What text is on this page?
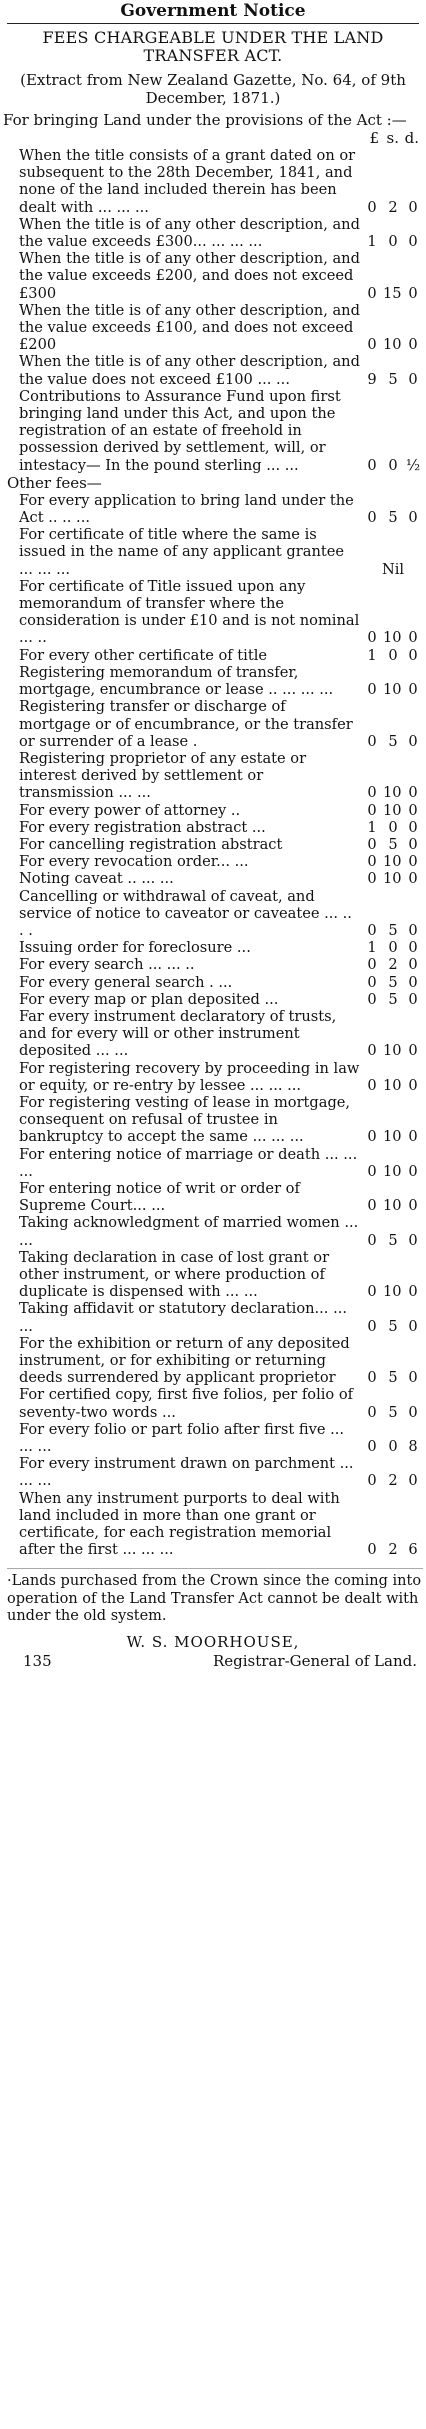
Government Notice
FEES CHARGEABLE UNDER THE LAND TRANSFER ACT.
(Extract from New Zealand Gazette, No. 64, of 9th December, 1871.)
For bringing Land under the provisions of the Act :—
£ s. d.
When the title consists of a grant dated on or subsequent to the 28th December, 1841, and none of the land included therein has been dealt with ... ... ...	0 2 0
When the title is of any other description, and the value exceeds £300... ... ... ...	1 0 0
When the title is of any other description, and the value exceeds £200, and does not exceed £300	0 15 0
When the title is of any other description, and the value exceeds £100, and does not exceed £200	0 10 0
When the title is of any other description, and the value does not exceed £100 ... ...	9 5 0
Contributions to Assurance Fund upon first bringing land under this Act, and upon the registration of an estate of freehold in possession derived by settlement, will, or intestacy— In the pound sterling ... ...	0 0 ½
Other fees—
For every application to bring land under the Act .. .. ...	0 5 0
For certificate of title where the same is issued in the name of any applicant grantee ... ... ...	Nil
For certificate of Title issued upon any memorandum of transfer where the consideration is under £10 and is not nominal ... ..	0 10 0
For every other certificate of title	1 0 0
Registering memorandum of transfer, mortgage, encumbrance or lease .. ... ... ...	0 10 0
Registering transfer or discharge of mortgage or of encumbrance, or the transfer or surrender of a lease .	0 5 0
Registering proprietor of any estate or interest derived by settlement or transmission ... ...	0 10 0
For every power of attorney ..	0 10 0
For every registration abstract ...	1 0 0
For cancelling registration abstract	0 5 0
For every revocation order... ...	0 10 0
Noting caveat .. ... ...	0 10 0
Cancelling or withdrawal of caveat, and service of notice to caveator or caveatee ... .. . .	0 5 0
Issuing order for foreclosure ...	1 0 0
For every search ... ... ..	0 2 0
For every general search . ...	0 5 0
For every map or plan deposited ...	0 5 0
Far every instrument declaratory of trusts, and for every will or other instrument deposited ... ...	0 10 0
For registering recovery by proceeding in law or equity, or re-entry by lessee ... ... ...	0 10 0
For registering vesting of lease in mortgage, consequent on refusal of trustee in bankruptcy to accept the same ... ... ...	0 10 0
For entering notice of marriage or death ... ... ...	0 10 0
For entering notice of writ or order of Supreme Court... ...	0 10 0
Taking acknowledgment of married women ... ...	0 5 0
Taking declaration in case of lost grant or other instrument, or where production of duplicate is dispensed with ... ...	0 10 0
Taking affidavit or statutory declaration... ... ...	0 5 0
For the exhibition or return of any deposited instrument, or for exhibiting or returning deeds surrendered by applicant proprietor	0 5 0
For certified copy, first five folios, per folio of seventy-two words ...	0 5 0
For every folio or part folio after first five ... ... ...	0 0 8
For every instrument drawn on parchment ... ... ...	0 2 0
When any instrument purports to deal with land included in more than one grant or certificate, for each registration memorial after the first ... ... ...	0 2 6
·Lands purchased from the Crown since the coming into operation of the Land Transfer Act cannot be dealt with under the old system.
W. S. MOORHOUSE,
135	Registrar-General of Land.
